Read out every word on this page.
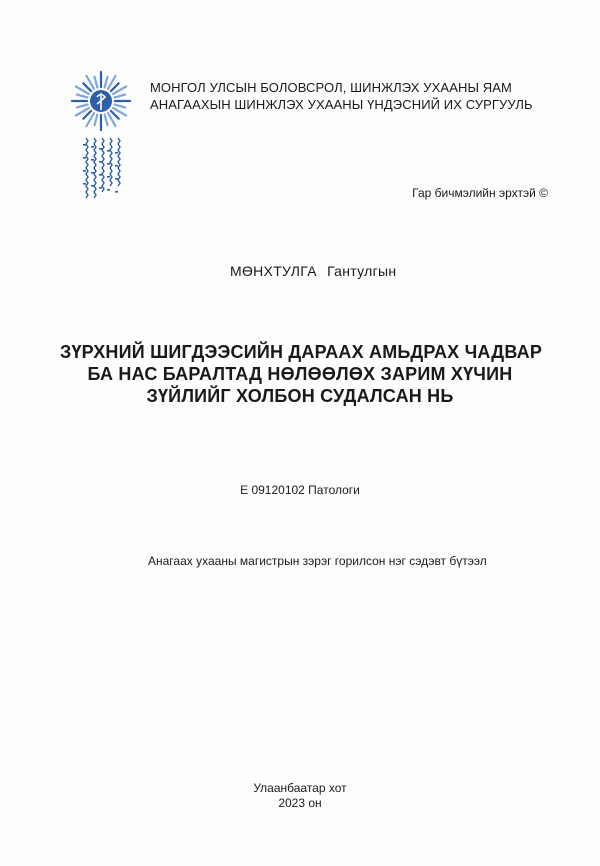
МОНГОЛ УЛСЫН БОЛОВСРОЛ, ШИНЖЛЭХ УХААНЫ ЯАМ
АНАГААХЫН ШИНЖЛЭХ УХААНЫ ҮНДЭСНИЙ ИХ СУРГУУЛЬ
Гар бичмэлийн эрхтэй ©
МӨНХТУЛГА Гантулгын
ЗҮРХНИЙ ШИГДЭЭСИЙН ДАРААХ АМЬДРАХ ЧАДВАР
БА НАС БАРАЛТАД НӨЛӨӨЛӨХ ЗАРИМ ХҮЧИН
ЗҮЙЛИЙГ ХОЛБОН СУДАЛСАН НЬ
E 09120102 Патологи
Анагаах ухааны магистрын зэрэг горилсон нэг сэдэвт бүтээл
Улаанбаатар хот
2023 он
